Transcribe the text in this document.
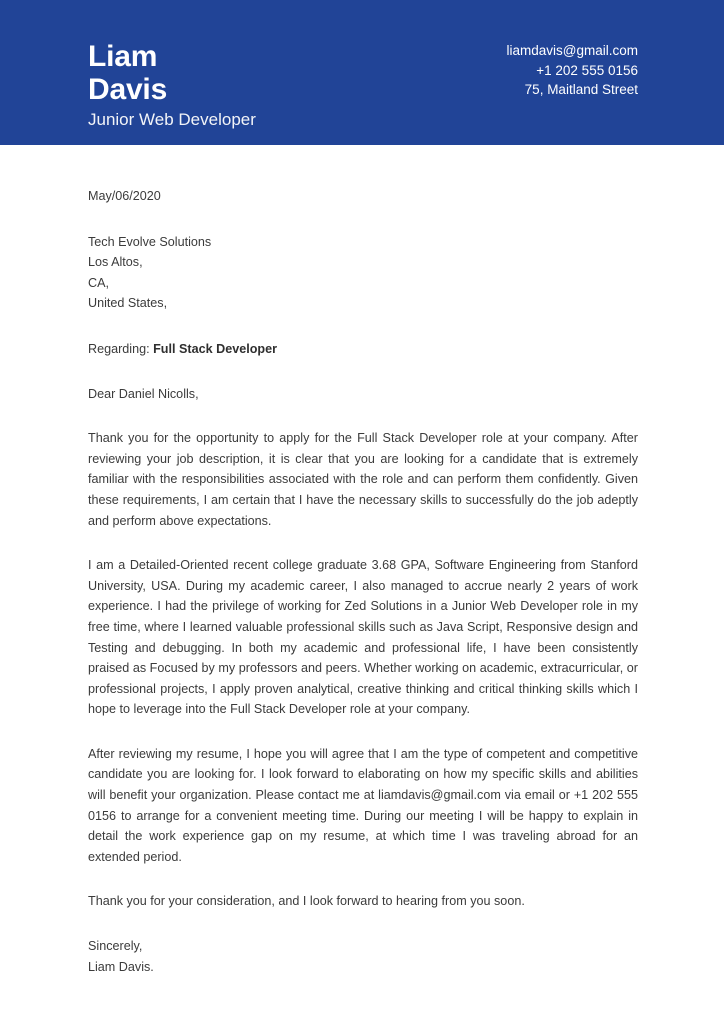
Liam
Davis
Junior Web Developer
liamdavis@gmail.com
+1 202 555 0156
75, Maitland Street
May/06/2020
Tech Evolve Solutions
Los Altos,
CA,
United States,
Regarding: Full Stack Developer
Dear Daniel Nicolls,
Thank you for the opportunity to apply for the Full Stack Developer role at your company. After reviewing your job description, it is clear that you are looking for a candidate that is extremely familiar with the responsibilities associated with the role and can perform them confidently. Given these requirements, I am certain that I have the necessary skills to successfully do the job adeptly and perform above expectations.
I am a Detailed-Oriented recent college graduate 3.68 GPA, Software Engineering from Stanford University, USA. During my academic career, I also managed to accrue nearly 2 years of work experience. I had the privilege of working for Zed Solutions in a Junior Web Developer role in my free time, where I learned valuable professional skills such as Java Script, Responsive design and Testing and debugging. In both my academic and professional life, I have been consistently praised as Focused by my professors and peers. Whether working on academic, extracurricular, or professional projects, I apply proven analytical, creative thinking and critical thinking skills which I hope to leverage into the Full Stack Developer role at your company.
After reviewing my resume, I hope you will agree that I am the type of competent and competitive candidate you are looking for. I look forward to elaborating on how my specific skills and abilities will benefit your organization. Please contact me at liamdavis@gmail.com via email or +1 202 555 0156 to arrange for a convenient meeting time. During our meeting I will be happy to explain in detail the work experience gap on my resume, at which time I was traveling abroad for an extended period.
Thank you for your consideration, and I look forward to hearing from you soon.
Sincerely,
Liam Davis.
